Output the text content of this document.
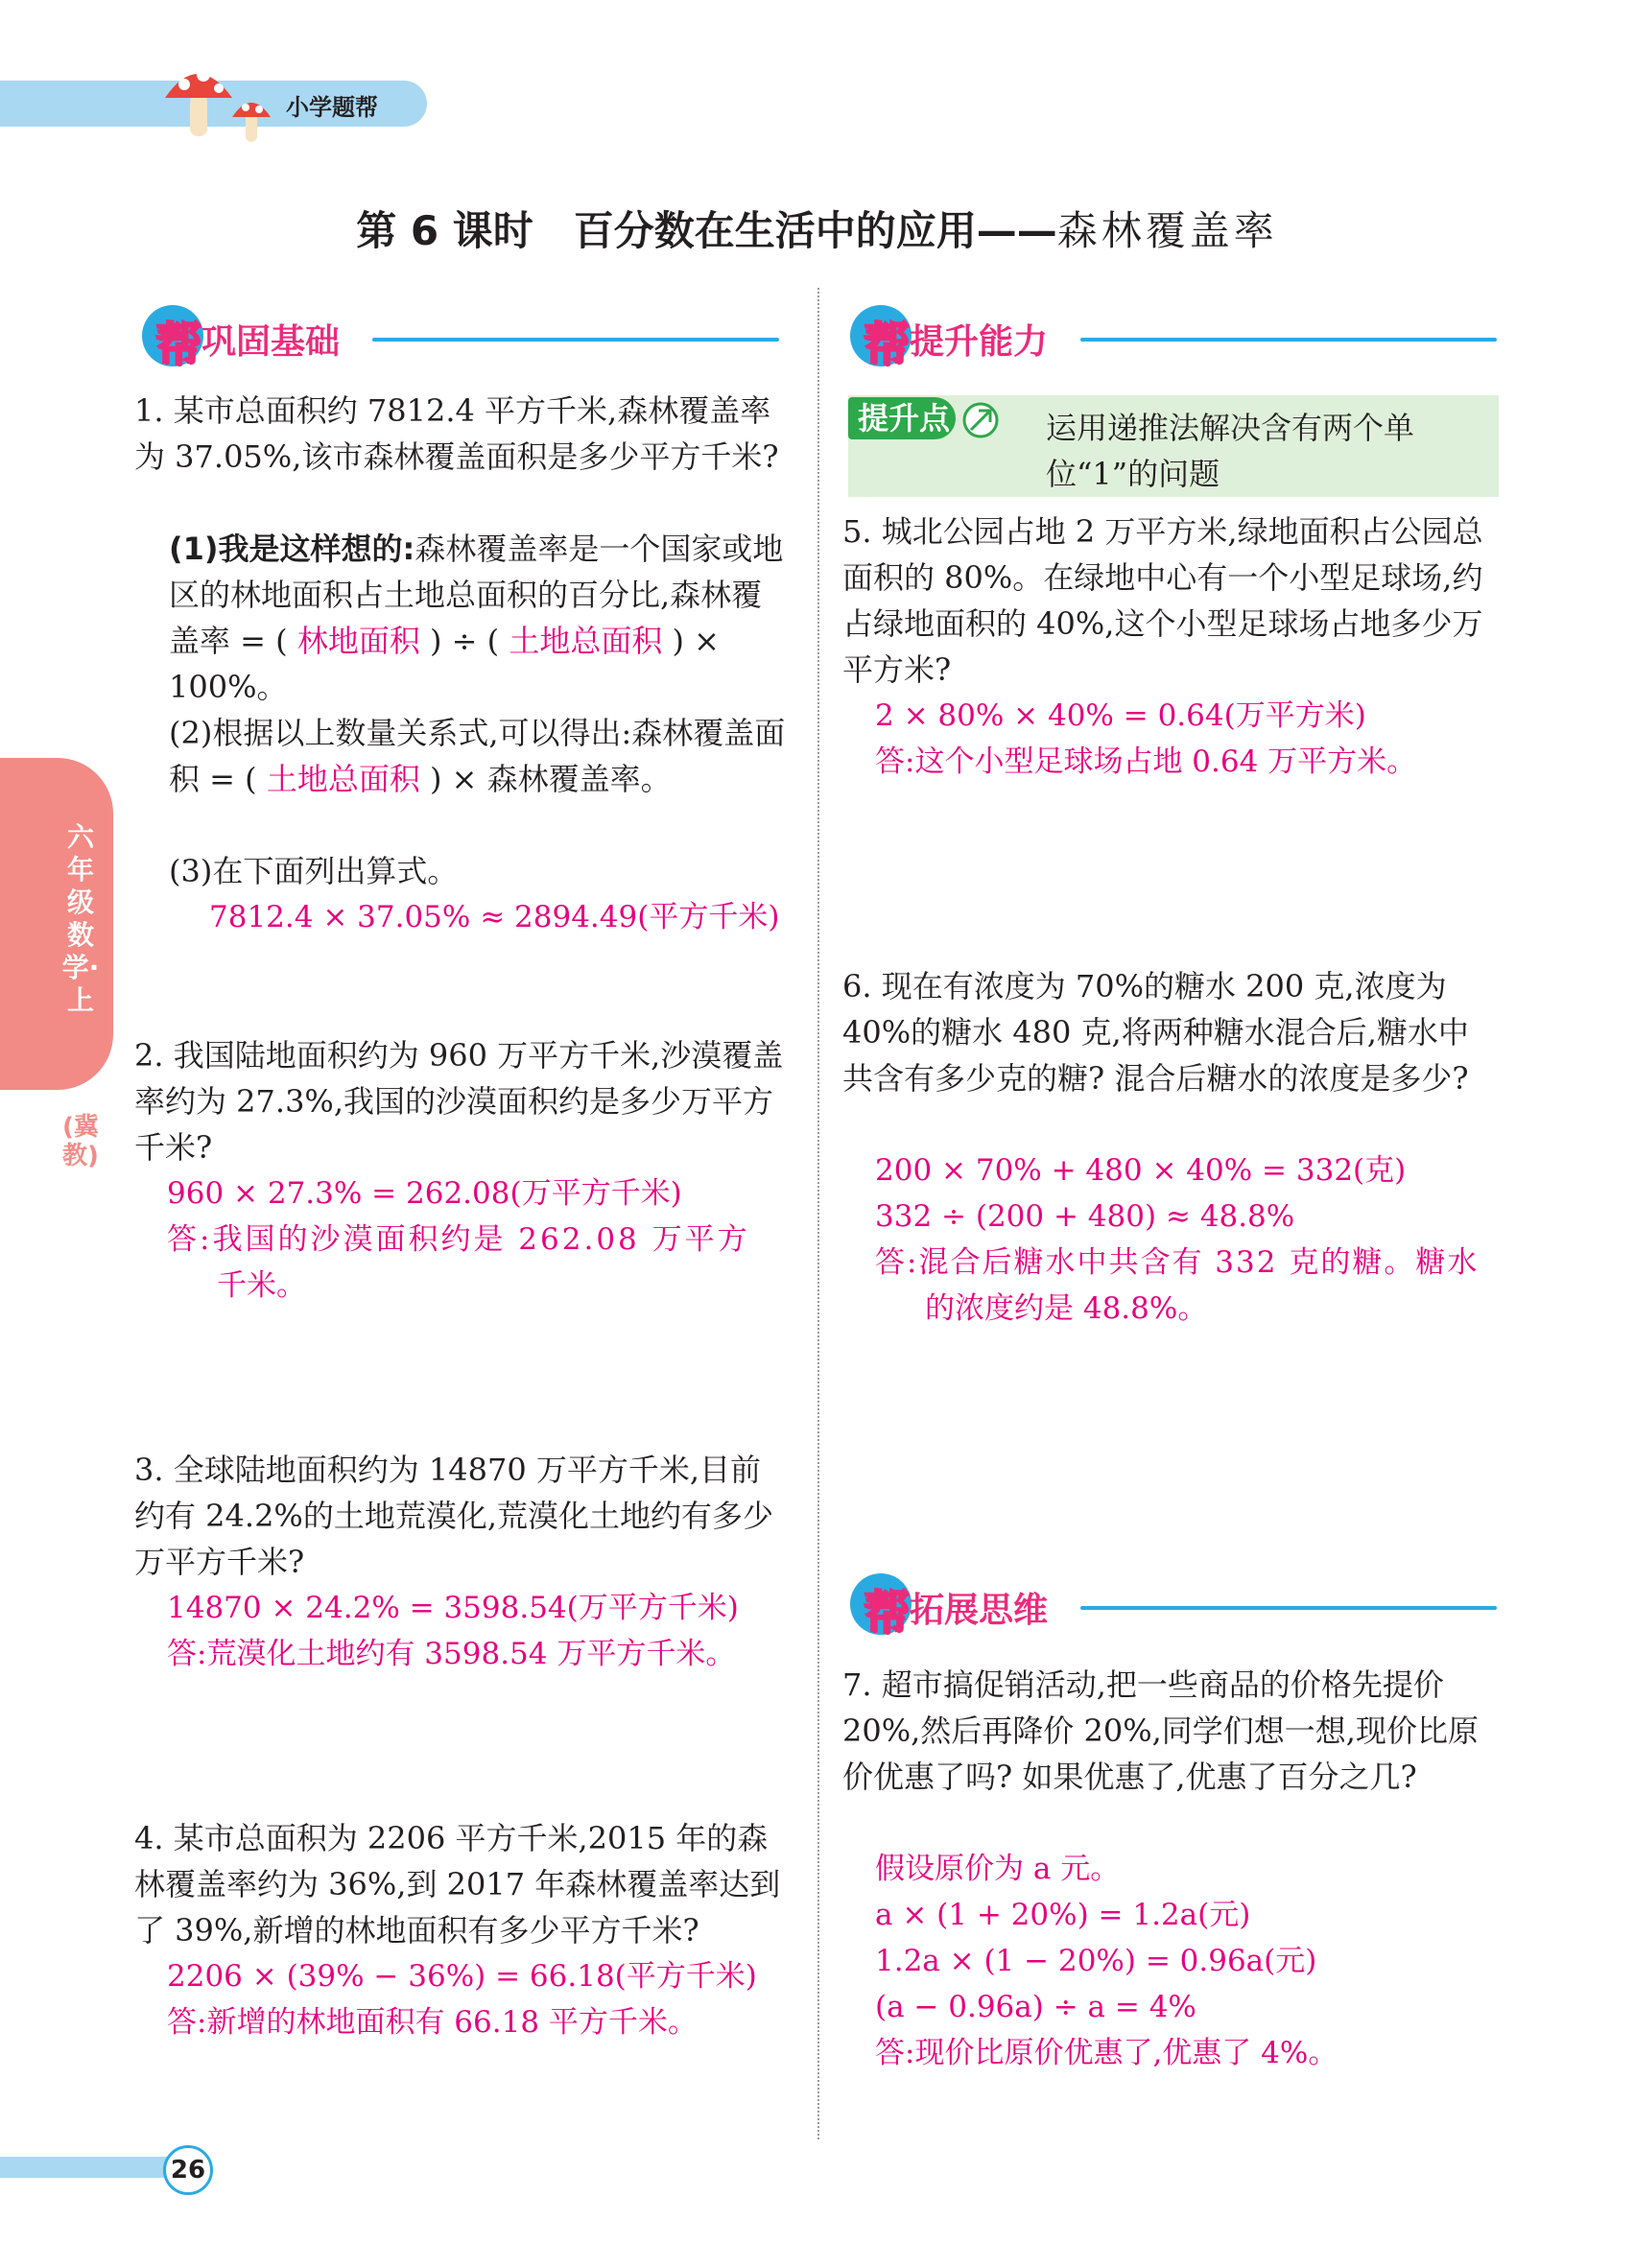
小学题帮
第 6 课时　百分数在生活中的应用——森林覆盖率
六年级数学·上
(冀教)
帮 巩固基础	帮 提升能力
提升点	运用递推法解决含有两个单位“1”的问题
1. 某市总面积约 7812.4 平方千米,森林覆盖率为 37.05%,该市森林覆盖面积是多少平方千米?
(1)我是这样想的:森林覆盖率是一个国家或地区的林地面积占土地总面积的百分比,森林覆盖率 = ( 林地面积 ) ÷ ( 土地总面积 ) × 100%。
(2)根据以上数量关系式,可以得出:森林覆盖面积 = ( 土地总面积 ) × 森林覆盖率。
(3)在下面列出算式。
7812.4 × 37.05% ≈ 2894.49(平方千米)
2. 我国陆地面积约为 960 万平方千米,沙漠覆盖率约为 27.3%,我国的沙漠面积约是多少万平方千米?
960 × 27.3% = 262.08(万平方千米)
答:我国的沙漠面积约是 262.08 万平方
千米。
3. 全球陆地面积约为 14870 万平方千米,目前约有 24.2%的土地荒漠化,荒漠化土地约有多少万平方千米?
14870 × 24.2% = 3598.54(万平方千米)
答:荒漠化土地约有 3598.54 万平方千米。
4. 某市总面积为 2206 平方千米,2015 年的森林覆盖率约为 36%,到 2017 年森林覆盖率达到了 39%,新增的林地面积有多少平方千米?
2206 × (39% − 36%) = 66.18(平方千米)
答:新增的林地面积有 66.18 平方千米。
5. 城北公园占地 2 万平方米,绿地面积占公园总面积的 80%。在绿地中心有一个小型足球场,约占绿地面积的 40%,这个小型足球场占地多少万平方米?
2 × 80% × 40% = 0.64(万平方米)
答:这个小型足球场占地 0.64 万平方米。
6. 现在有浓度为 70%的糖水 200 克,浓度为 40%的糖水 480 克,将两种糖水混合后,糖水中共含有多少克的糖? 混合后糖水的浓度是多少?
200 × 70% + 480 × 40% = 332(克)
332 ÷ (200 + 480) ≈ 48.8%
答:混合后糖水中共含有 332 克的糖。糖水
的浓度约是 48.8%。
帮 拓展思维
7. 超市搞促销活动,把一些商品的价格先提价 20%,然后再降价 20%,同学们想一想,现价比原价优惠了吗? 如果优惠了,优惠了百分之几?
假设原价为 a 元。
a × (1 + 20%) = 1.2a(元)
1.2a × (1 − 20%) = 0.96a(元)
(a − 0.96a) ÷ a = 4%
答:现价比原价优惠了,优惠了 4%。
26
